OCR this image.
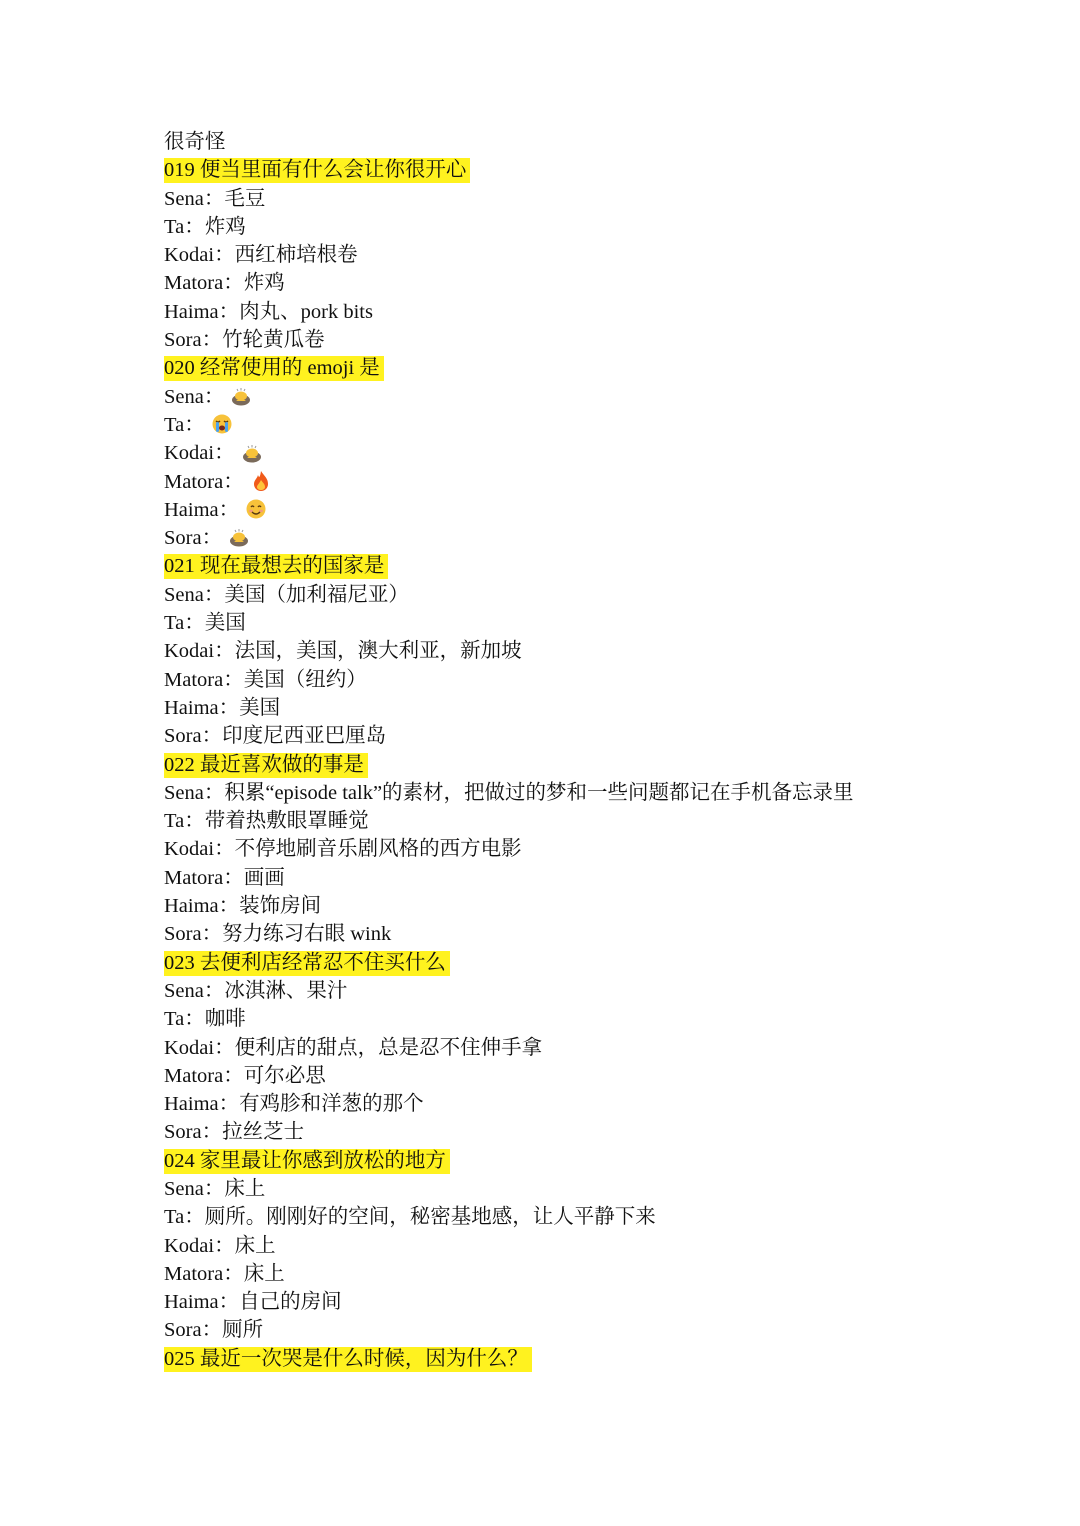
很奇怪
019 便当里面有什么会让你很开心
Sena：毛豆
Ta：炸鸡
Kodai：西红柿培根卷
Matora：炸鸡
Haima：肉丸、pork bits
Sora：竹轮黄瓜卷
020 经常使用的 emoji 是
Sena：
Ta：
Kodai：
Matora：
Haima：
Sora：
021 现在最想去的国家是
Sena：美国（加利福尼亚）
Ta：美国
Kodai：法国，美国，澳大利亚，新加坡
Matora：美国（纽约）
Haima：美国
Sora：印度尼西亚巴厘岛
022 最近喜欢做的事是
Sena：积累“episode talk”的素材，把做过的梦和一些问题都记在手机备忘录里
Ta：带着热敷眼罩睡觉
Kodai：不停地刷音乐剧风格的西方电影
Matora：画画
Haima：装饰房间
Sora：努力练习右眼 wink
023 去便利店经常忍不住买什么
Sena：冰淇淋、果汁
Ta：咖啡
Kodai：便利店的甜点，总是忍不住伸手拿
Matora：可尔必思
Haima：有鸡胗和洋葱的那个
Sora：拉丝芝士
024 家里最让你感到放松的地方
Sena：床上
Ta：厕所。刚刚好的空间，秘密基地感，让人平静下来
Kodai：床上
Matora：床上
Haima：自己的房间
Sora：厕所
025 最近一次哭是什么时候，因为什么？
